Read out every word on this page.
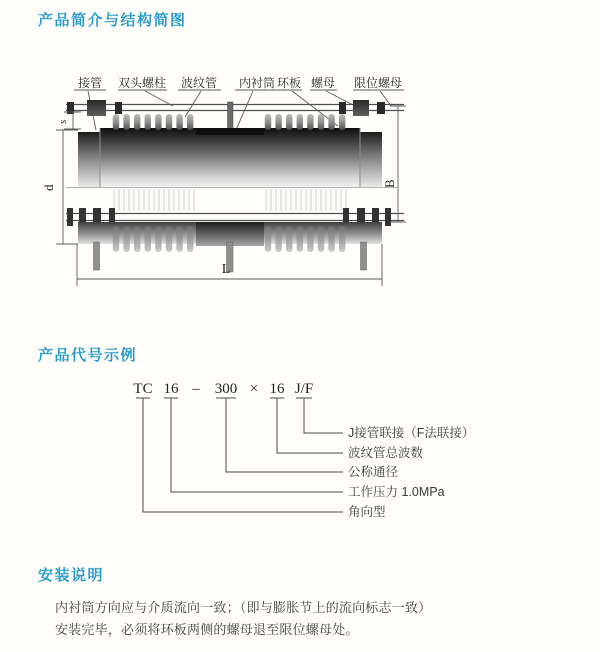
产品简介与结构简图
产品代号示例
安装说明
接管 双头螺柱 波纹管 内衬筒 环板 螺母 限位螺母
s
d	B
L
TC 16 – 300 × 16 J/F
J接管联接（F法联接）
波纹管总波数
公称通径
工作压力 1.0MPa
角向型
内衬筒方向应与介质流向一致；（即与膨胀节上的流向标志一致）
安装完毕，必须将环板两侧的螺母退至限位螺母处。
